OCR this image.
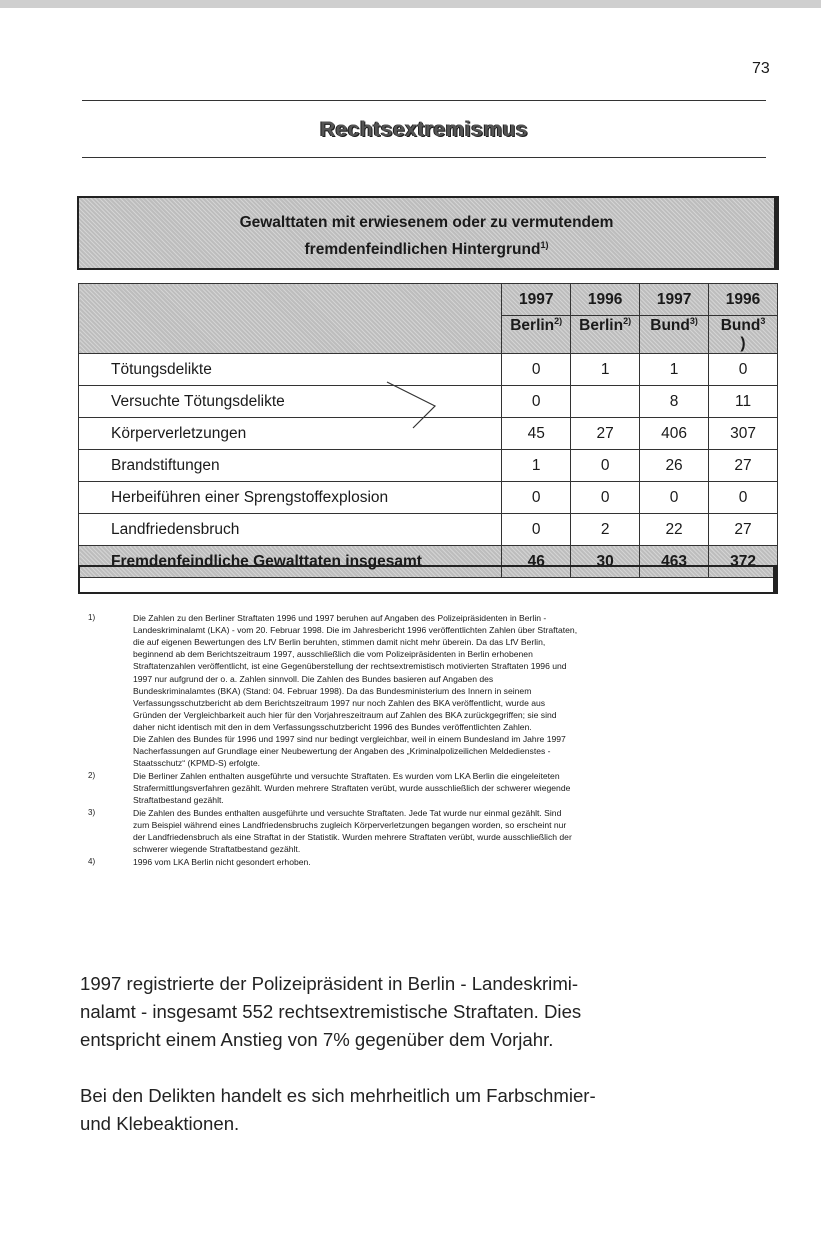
73
Rechtsextremismus
Gewalttaten mit erwiesenem oder zu vermutendem
fremdenfeindlichen Hintergrund$^{1)}$
	1997	1996	1997	1996
	Berlin$^{2)}$	Berlin$^{2)}$	Bund$^{3)}$	Bund$^3$
)
Tötungsdelikte	0	1	1	0
Versuchte Tötungsdelikte	0		8	11
Körperverletzungen	45	27	406	307
Brandstiftungen	1	0	26	27
Herbeiführen einer Sprengstoffexplosion	0	0	0	0
Landfriedensbruch	0	2	22	27
Fremdenfeindliche Gewalttaten insgesamt	46	30	463	372
1)	Die Zahlen zu den Berliner Straftaten 1996 und 1997 beruhen auf Angaben des Polizeipräsidenten in Berlin -
Landeskriminalamt (LKA) - vom 20. Februar 1998. Die im Jahresbericht 1996 veröffentlichten Zahlen über Straftaten,
die auf eigenen Bewertungen des LfV Berlin beruhten, stimmen damit nicht mehr überein. Da das LfV Berlin,
beginnend ab dem Berichtszeitraum 1997, ausschließlich die vom Polizeipräsidenten in Berlin erhobenen
Straftatenzahlen veröffentlicht, ist eine Gegenüberstellung der rechtsextremistisch motivierten Straftaten 1996 und
1997 nur aufgrund der o. a. Zahlen sinnvoll. Die Zahlen des Bundes basieren auf Angaben des
Bundeskriminalamtes (BKA) (Stand: 04. Februar 1998). Da das Bundesministerium des Innern in seinem
Verfassungsschutzbericht ab dem Berichtszeitraum 1997 nur noch Zahlen des BKA veröffentlicht, wurde aus
Gründen der Vergleichbarkeit auch hier für den Vorjahreszeitraum auf Zahlen des BKA zurückgegriffen; sie sind
daher nicht identisch mit den in dem Verfassungsschutzbericht 1996 des Bundes veröffentlichten Zahlen.
Die Zahlen des Bundes für 1996 und 1997 sind nur bedingt vergleichbar, weil in einem Bundesland im Jahre 1997
Nacherfassungen auf Grundlage einer Neubewertung der Angaben des „Kriminalpolizeilichen Meldedienstes -
Staatsschutz“ (KPMD-S) erfolgte.
2)	Die Berliner Zahlen enthalten ausgeführte und versuchte Straftaten. Es wurden vom LKA Berlin die eingeleiteten
Strafermittlungsverfahren gezählt. Wurden mehrere Straftaten verübt, wurde ausschließlich der schwerer wiegende
Straftatbestand gezählt.
3)	Die Zahlen des Bundes enthalten ausgeführte und versuchte Straftaten. Jede Tat wurde nur einmal gezählt. Sind
zum Beispiel während eines Landfriedensbruchs zugleich Körperverletzungen begangen worden, so erscheint nur
der Landfriedensbruch als eine Straftat in der Statistik. Wurden mehrere Straftaten verübt, wurde ausschließlich der
schwerer wiegende Straftatbestand gezählt.
4)	1996 vom LKA Berlin nicht gesondert erhoben.
1997 registrierte der Polizeipräsident in Berlin - Landeskrimi-
nalamt - insgesamt 552 rechtsextremistische Straftaten. Dies
entspricht einem Anstieg von 7% gegenüber dem Vorjahr.
Bei den Delikten handelt es sich mehrheitlich um Farbschmier-
und Klebeaktionen.
